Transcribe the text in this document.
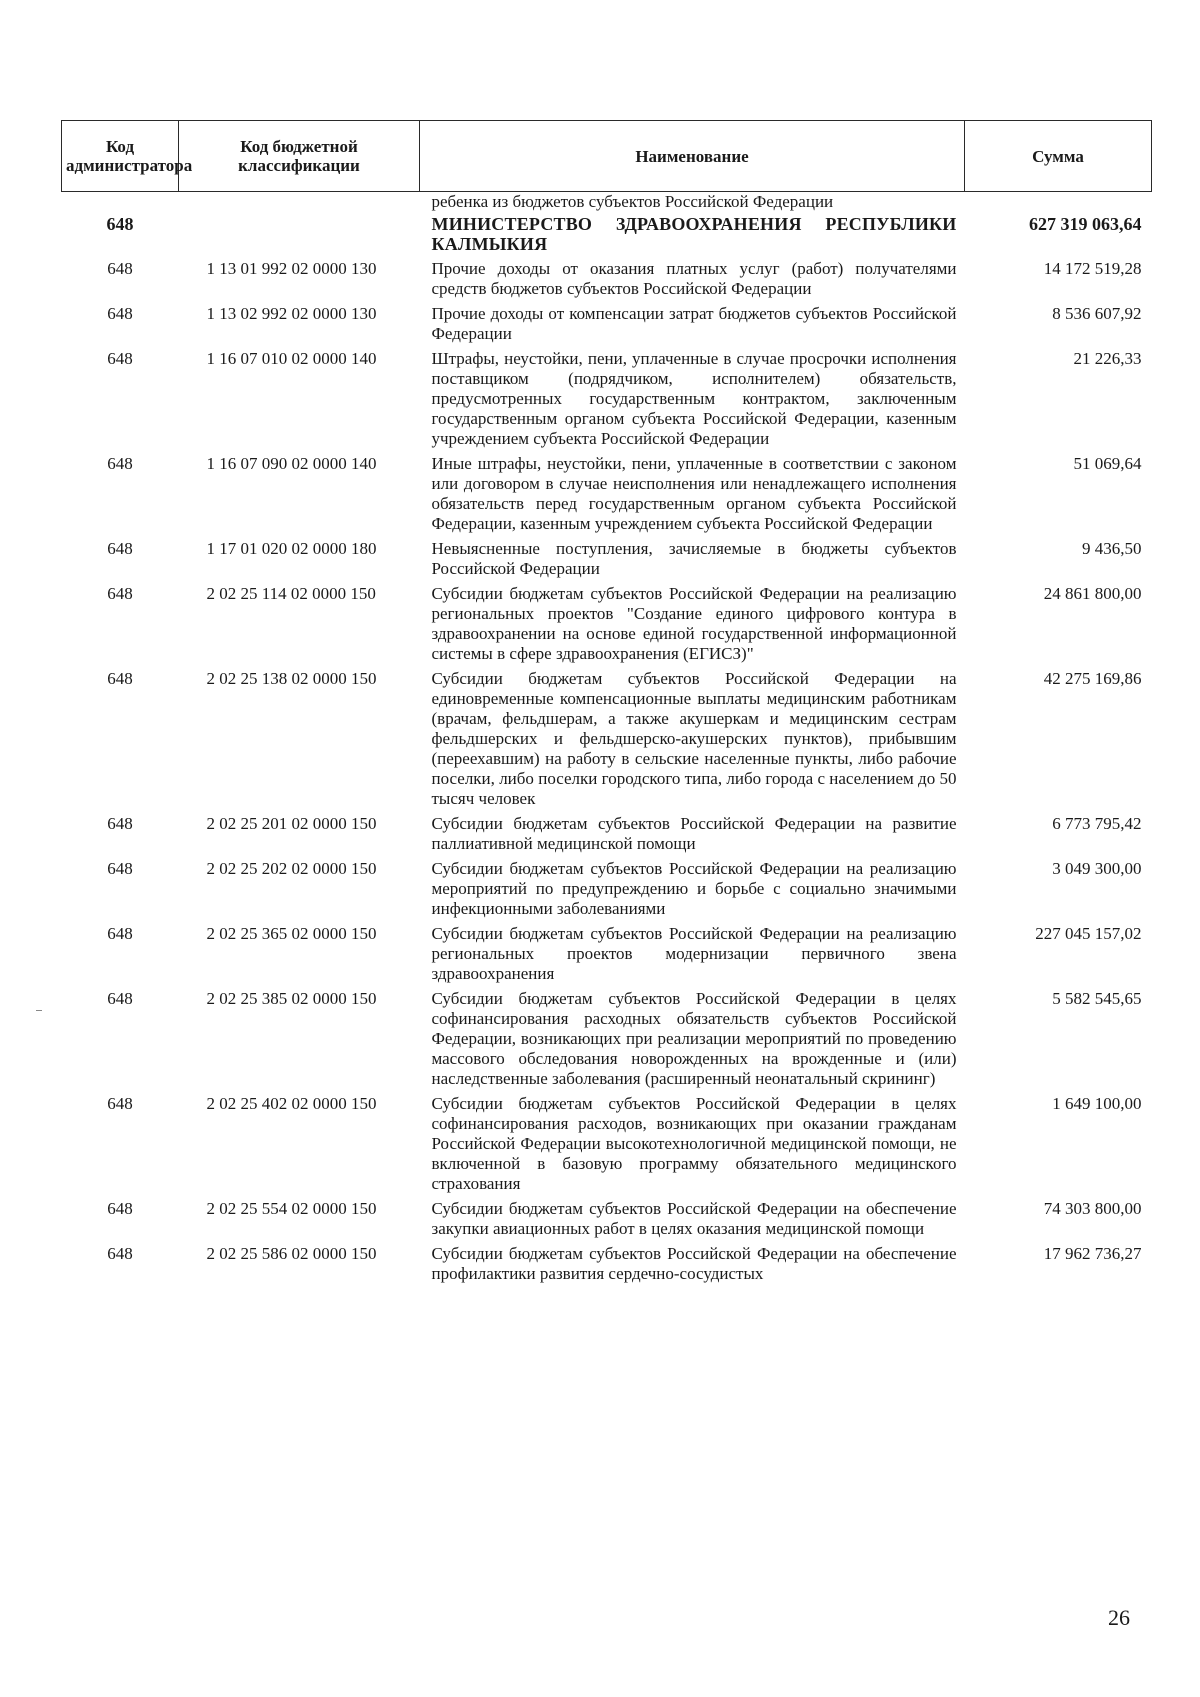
Код администратора	Код бюджетной классификации	Наименование	Сумма
		ребенка из бюджетов субъектов Российской Федерации	
648		МИНИСТЕРСТВО ЗДРАВООХРАНЕНИЯ РЕСПУБЛИКИ КАЛМЫКИЯ	627 319 063,64
648	1 13 01 992 02 0000 130	Прочие доходы от оказания платных услуг (работ) получателями средств бюджетов субъектов Российской Федерации	14 172 519,28
648	1 13 02 992 02 0000 130	Прочие доходы от компенсации затрат бюджетов субъектов Российской Федерации	8 536 607,92
648	1 16 07 010 02 0000 140	Штрафы, неустойки, пени, уплаченные в случае просрочки исполнения поставщиком (подрядчиком, исполнителем) обязательств, предусмотренных государственным контрактом, заключенным государственным органом субъекта Российской Федерации, казенным учреждением субъекта Российской Федерации	21 226,33
648	1 16 07 090 02 0000 140	Иные штрафы, неустойки, пени, уплаченные в соответствии с законом или договором в случае неисполнения или ненадлежащего исполнения обязательств перед государственным органом субъекта Российской Федерации, казенным учреждением субъекта Российской Федерации	51 069,64
648	1 17 01 020 02 0000 180	Невыясненные поступления, зачисляемые в бюджеты субъектов Российской Федерации	9 436,50
648	2 02 25 114 02 0000 150	Субсидии бюджетам субъектов Российской Федерации на реализацию региональных проектов "Создание единого цифрового контура в здравоохранении на основе единой государственной информационной системы в сфере здравоохранения (ЕГИСЗ)"	24 861 800,00
648	2 02 25 138 02 0000 150	Субсидии бюджетам субъектов Российской Федерации на единовременные компенсационные выплаты медицинским работникам (врачам, фельдшерам, а также акушеркам и медицинским сестрам фельдшерских и фельдшерско-акушерских пунктов), прибывшим (переехавшим) на работу в сельские населенные пункты, либо рабочие поселки, либо поселки городского типа, либо города с населением до 50 тысяч человек	42 275 169,86
648	2 02 25 201 02 0000 150	Субсидии бюджетам субъектов Российской Федерации на развитие паллиативной медицинской помощи	6 773 795,42
648	2 02 25 202 02 0000 150	Субсидии бюджетам субъектов Российской Федерации на реализацию мероприятий по предупреждению и борьбе с социально значимыми инфекционными заболеваниями	3 049 300,00
648	2 02 25 365 02 0000 150	Субсидии бюджетам субъектов Российской Федерации на реализацию региональных проектов модернизации первичного звена здравоохранения	227 045 157,02
648	2 02 25 385 02 0000 150	Субсидии бюджетам субъектов Российской Федерации в целях софинансирования расходных обязательств субъектов Российской Федерации, возникающих при реализации мероприятий по проведению массового обследования новорожденных на врожденные и (или) наследственные заболевания (расширенный неонатальный скрининг)	5 582 545,65
648	2 02 25 402 02 0000 150	Субсидии бюджетам субъектов Российской Федерации в целях софинансирования расходов, возникающих при оказании гражданам Российской Федерации высокотехнологичной медицинской помощи, не включенной в базовую программу обязательного медицинского страхования	1 649 100,00
648	2 02 25 554 02 0000 150	Субсидии бюджетам субъектов Российской Федерации на обеспечение закупки авиационных работ в целях оказания медицинской помощи	74 303 800,00
648	2 02 25 586 02 0000 150	Субсидии бюджетам субъектов Российской Федерации на обеспечение профилактики развития сердечно-сосудистых	17 962 736,27
26
